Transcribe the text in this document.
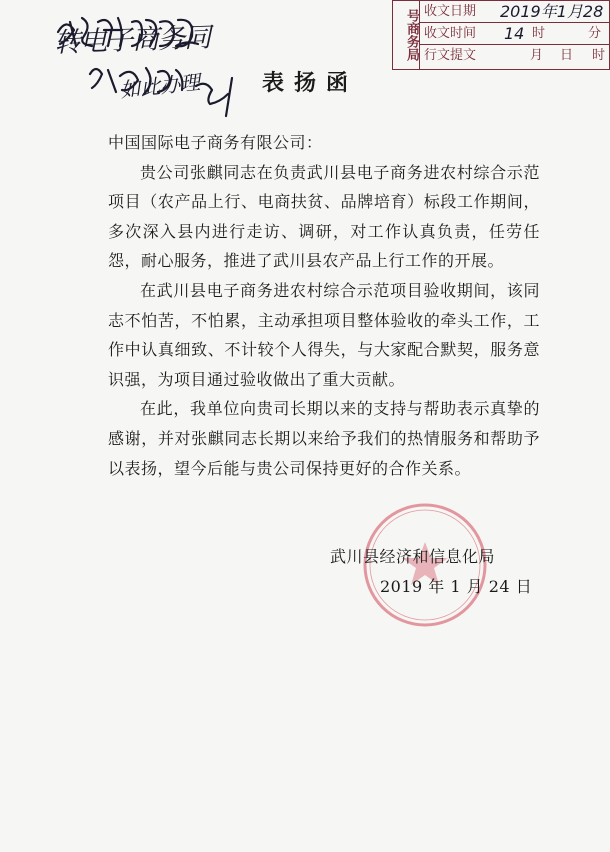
转电子商务同
如此办理
号商务局 收文日期 2019年1月28
收文时间 14 时	分
行文提文	月 日 时
表扬函

中国国际电子商务有限公司：

贵公司张麒同志在负责武川县电子商务进农村综合示范项目（农产品上行、电商扶贫、品牌培育）标段工作期间，多次深入县内进行走访、调研，对工作认真负责，任劳任怨，耐心服务，推进了武川县农产品上行工作的开展。

在武川县电子商务进农村综合示范项目验收期间，该同志不怕苦，不怕累，主动承担项目整体验收的牵头工作，工作中认真细致、不计较个人得失，与大家配合默契，服务意识强，为项目通过验收做出了重大贡献。

在此，我单位向贵司长期以来的支持与帮助表示真挚的感谢，并对张麒同志长期以来给予我们的热情服务和帮助予以表扬，望今后能与贵公司保持更好的合作关系。

武川县经济和信息化局
2019 年 1 月 24 日
